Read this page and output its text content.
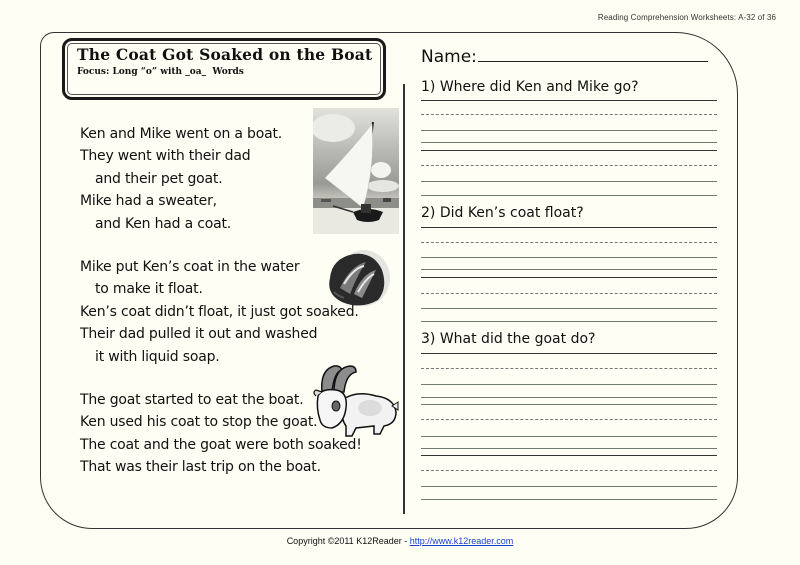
Reading Comprehension Worksheets: A-32 of 36
The Coat Got Soaked on the Boat
Focus: Long “o” with _oa_  Words
Ken and Mike went on a boat.
They went with their dad
and their pet goat.
Mike had a sweater,
and Ken had a coat.
Mike put Ken’s coat in the water
to make it float.
Ken’s coat didn’t float, it just got soaked.
Their dad pulled it out and washed
it with liquid soap.
The goat started to eat the boat.
Ken used his coat to stop the goat.
The coat and the goat were both soaked!
That was their last trip on the boat.
Name:
1) Where did Ken and Mike go?
2) Did Ken’s coat float?
3) What did the goat do?
Copyright ©2011 K12Reader - http://www.k12reader.com
